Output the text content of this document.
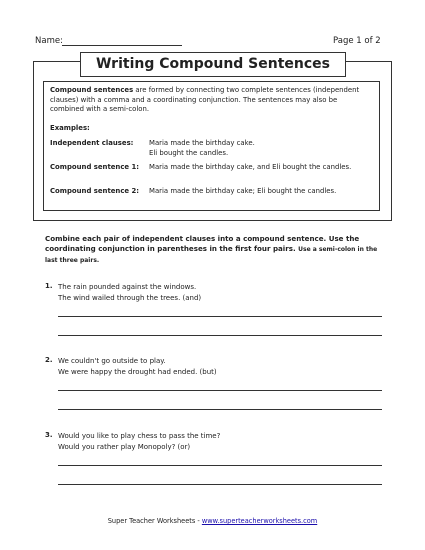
Name:	Page 1 of 2
Writing Compound Sentences
Compound sentences are formed by connecting two complete sentences (independent clauses) with a comma and a coordinating conjunction. The sentences may also be combined with a semi-colon.
Examples:
Independent clauses: Maria made the birthday cake.
Eli bought the candles.
Compound sentence 1: Maria made the birthday cake, and Eli bought the candles.
Compound sentence 2: Maria made the birthday cake; Eli bought the candles.
Combine each pair of independent clauses into a compound sentence. Use the coordinating conjunction in parentheses in the first four pairs. Use a semi-colon in the last three pairs.
1. The rain pounded against the windows.
The wind wailed through the trees. (and)
2. We couldn't go outside to play.
We were happy the drought had ended. (but)
3. Would you like to play chess to pass the time?
Would you rather play Monopoly? (or)
Super Teacher Worksheets - www.superteacherworksheets.com
